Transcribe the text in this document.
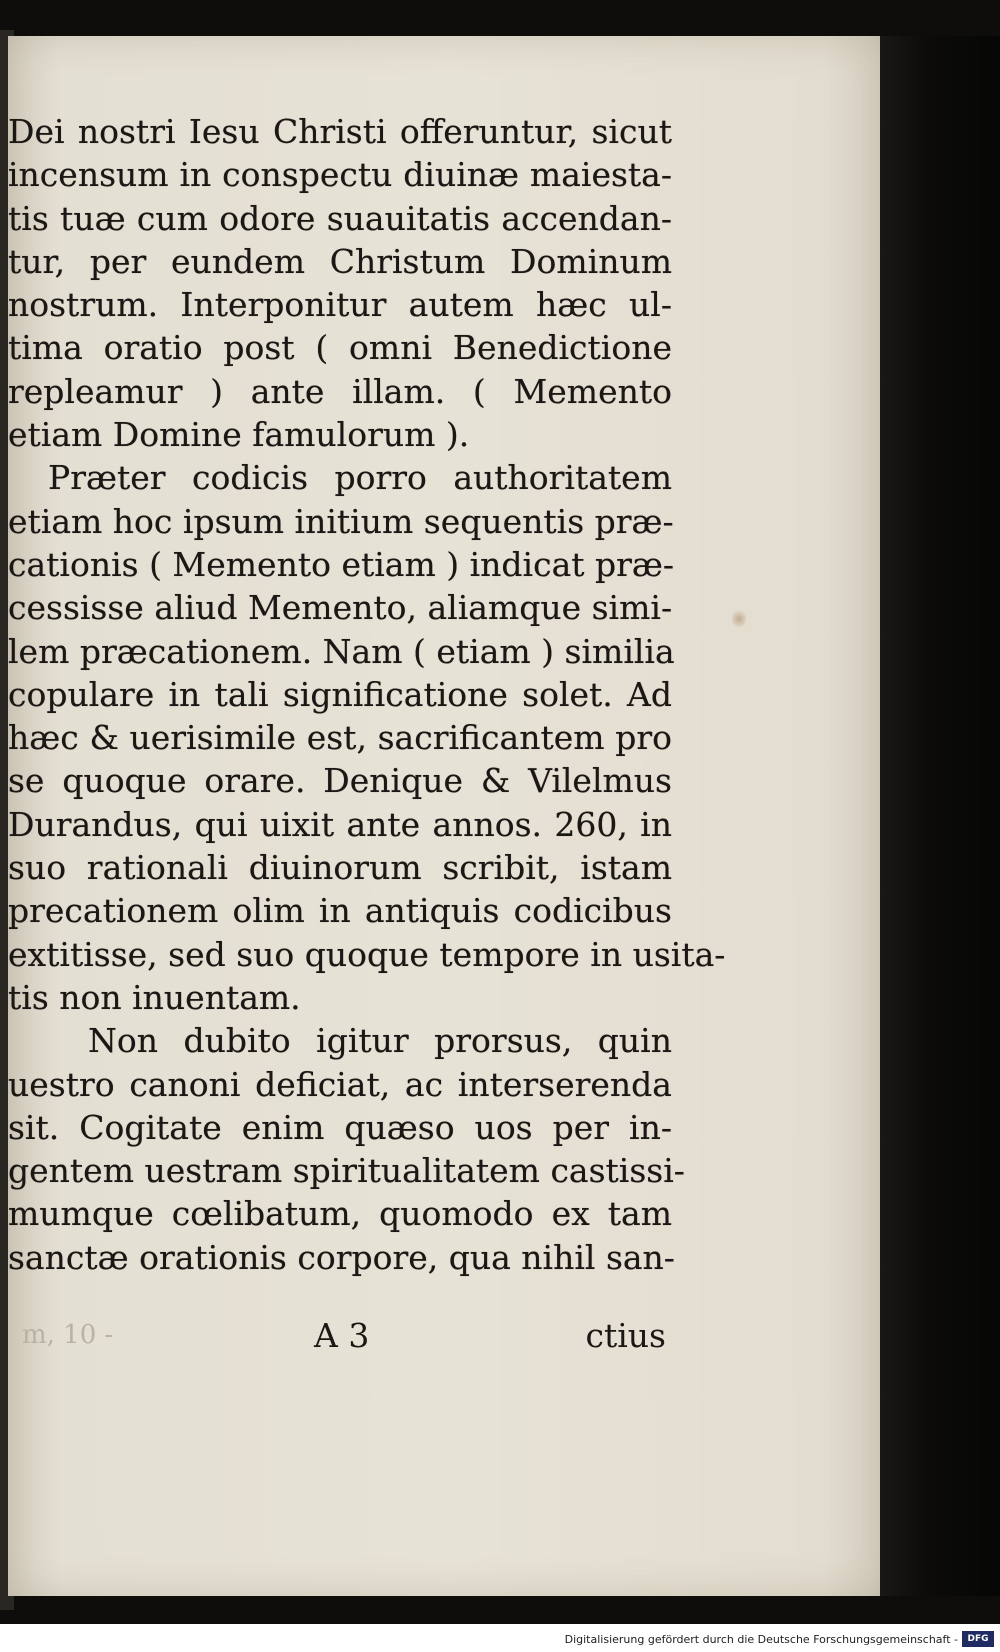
Dei nostri Iesu Christi offeruntur, sicut
incensum in conspectu diuinæ maiesta-
tis tuæ cum odore suauitatis accendan-
tur, per eundem Christum Dominum
nostrum. Interponitur autem hæc ul-
tima oratio post ( omni Benedictione
repleamur ) ante illam. ( Memento
etiam Domine famulorum ).
Præter codicis porro authoritatem
etiam hoc ipsum initium sequentis præ-
cationis ( Memento etiam ) indicat præ-
cessisse aliud Memento, aliamque simi-
lem præcationem. Nam ( etiam ) similia
copulare in tali significatione solet. Ad
hæc & uerisimile est, sacrificantem pro
se quoque orare. Denique & Vilelmus
Durandus, qui uixit ante annos. 260, in
suo rationali diuinorum scribit, istam
precationem olim in antiquis codicibus
extitisse, sed suo quoque tempore in usita-
tis non inuentam.
Non dubito igitur prorsus, quin
uestro canoni deficiat, ac interserenda
sit. Cogitate enim quæso uos per in-
gentem uestram spiritualitatem castissi-
mumque cœlibatum, quomodo ex tam
sanctæ orationis corpore, qua nihil san-
m, 10 -	A 3	ctius
Digitalisierung gefördert durch die Deutsche Forschungsgemeinschaft -	DFG
